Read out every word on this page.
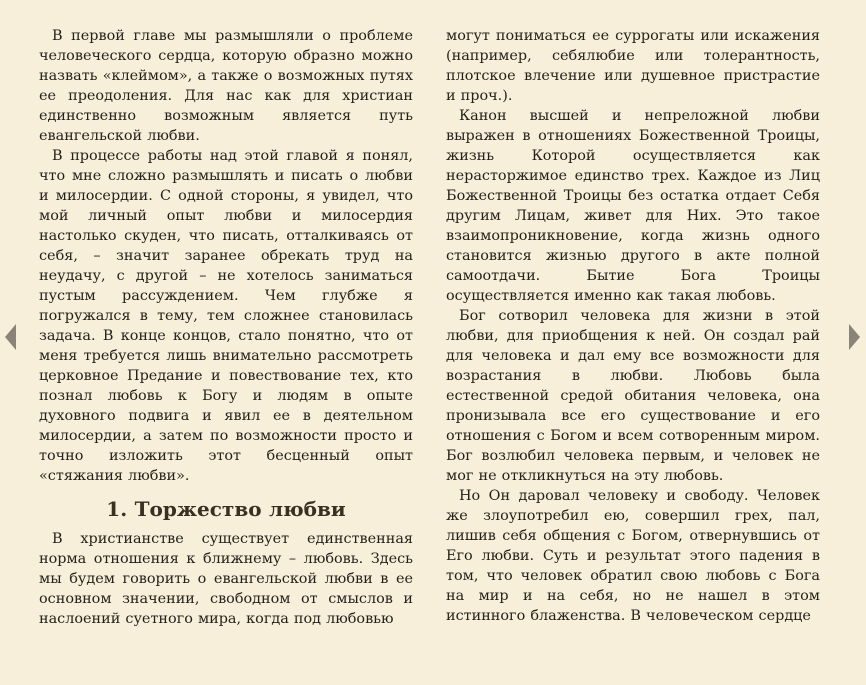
В первой главе мы размышляли о проблеме человеческого сердца, которую образно можно назвать «клеймом», а также о возможных путях ее преодоления. Для нас как для христиан единственно возможным является путь евангельской любви.

В процессе работы над этой главой я понял, что мне сложно размышлять и писать о любви и милосердии. С одной стороны, я увидел, что мой личный опыт любви и милосердия настолько скуден, что писать, отталкиваясь от себя, – значит заранее обрекать труд на неудачу, с другой – не хотелось заниматься пустым рассуждением. Чем глубже я погружался в тему, тем сложнее становилась задача. В конце концов, стало понятно, что от меня требуется лишь внимательно рассмотреть церковное Предание и повествование тех, кто познал любовь к Богу и людям в опыте духовного подвига и явил ее в деятельном милосердии, а затем по возможности просто и точно изложить этот бесценный опыт «стяжания любви».

1. Торжество любви

В христианстве существует единственная норма отношения к ближнему – любовь. Здесь мы будем говорить о евангельской любви в ее основном значении, свободном от смыслов и наслоений суетного мира, когда под любовью

могут пониматься ее суррогаты или искажения (например, себялюбие или толерантность, плотское влечение или душевное пристрастие и проч.).

Канон высшей и непреложной любви выражен в отношениях Божественной Троицы, жизнь Которой осуществляется как нерасторжимое единство трех. Каждое из Лиц Божественной Троицы без остатка отдает Себя другим Лицам, живет для Них. Это такое взаимопроникновение, когда жизнь одного становится жизнью другого в акте полной самоотдачи. Бытие Бога Троицы осуществляется именно как такая любовь.

Бог сотворил человека для жизни в этой любви, для приобщения к ней. Он создал рай для человека и дал ему все возможности для возрастания в любви. Любовь была естественной средой обитания человека, она пронизывала все его существование и его отношения с Богом и всем сотворенным миром. Бог возлюбил человека первым, и человек не мог не откликнуться на эту любовь.

Но Он даровал человеку и свободу. Человек же злоупотребил ею, совершил грех, пал, лишив себя общения с Богом, отвернувшись от Его любви. Суть и результат этого падения в том, что человек обратил свою любовь с Бога на мир и на себя, но не нашел в этом истинного блаженства. В человеческом сердце
